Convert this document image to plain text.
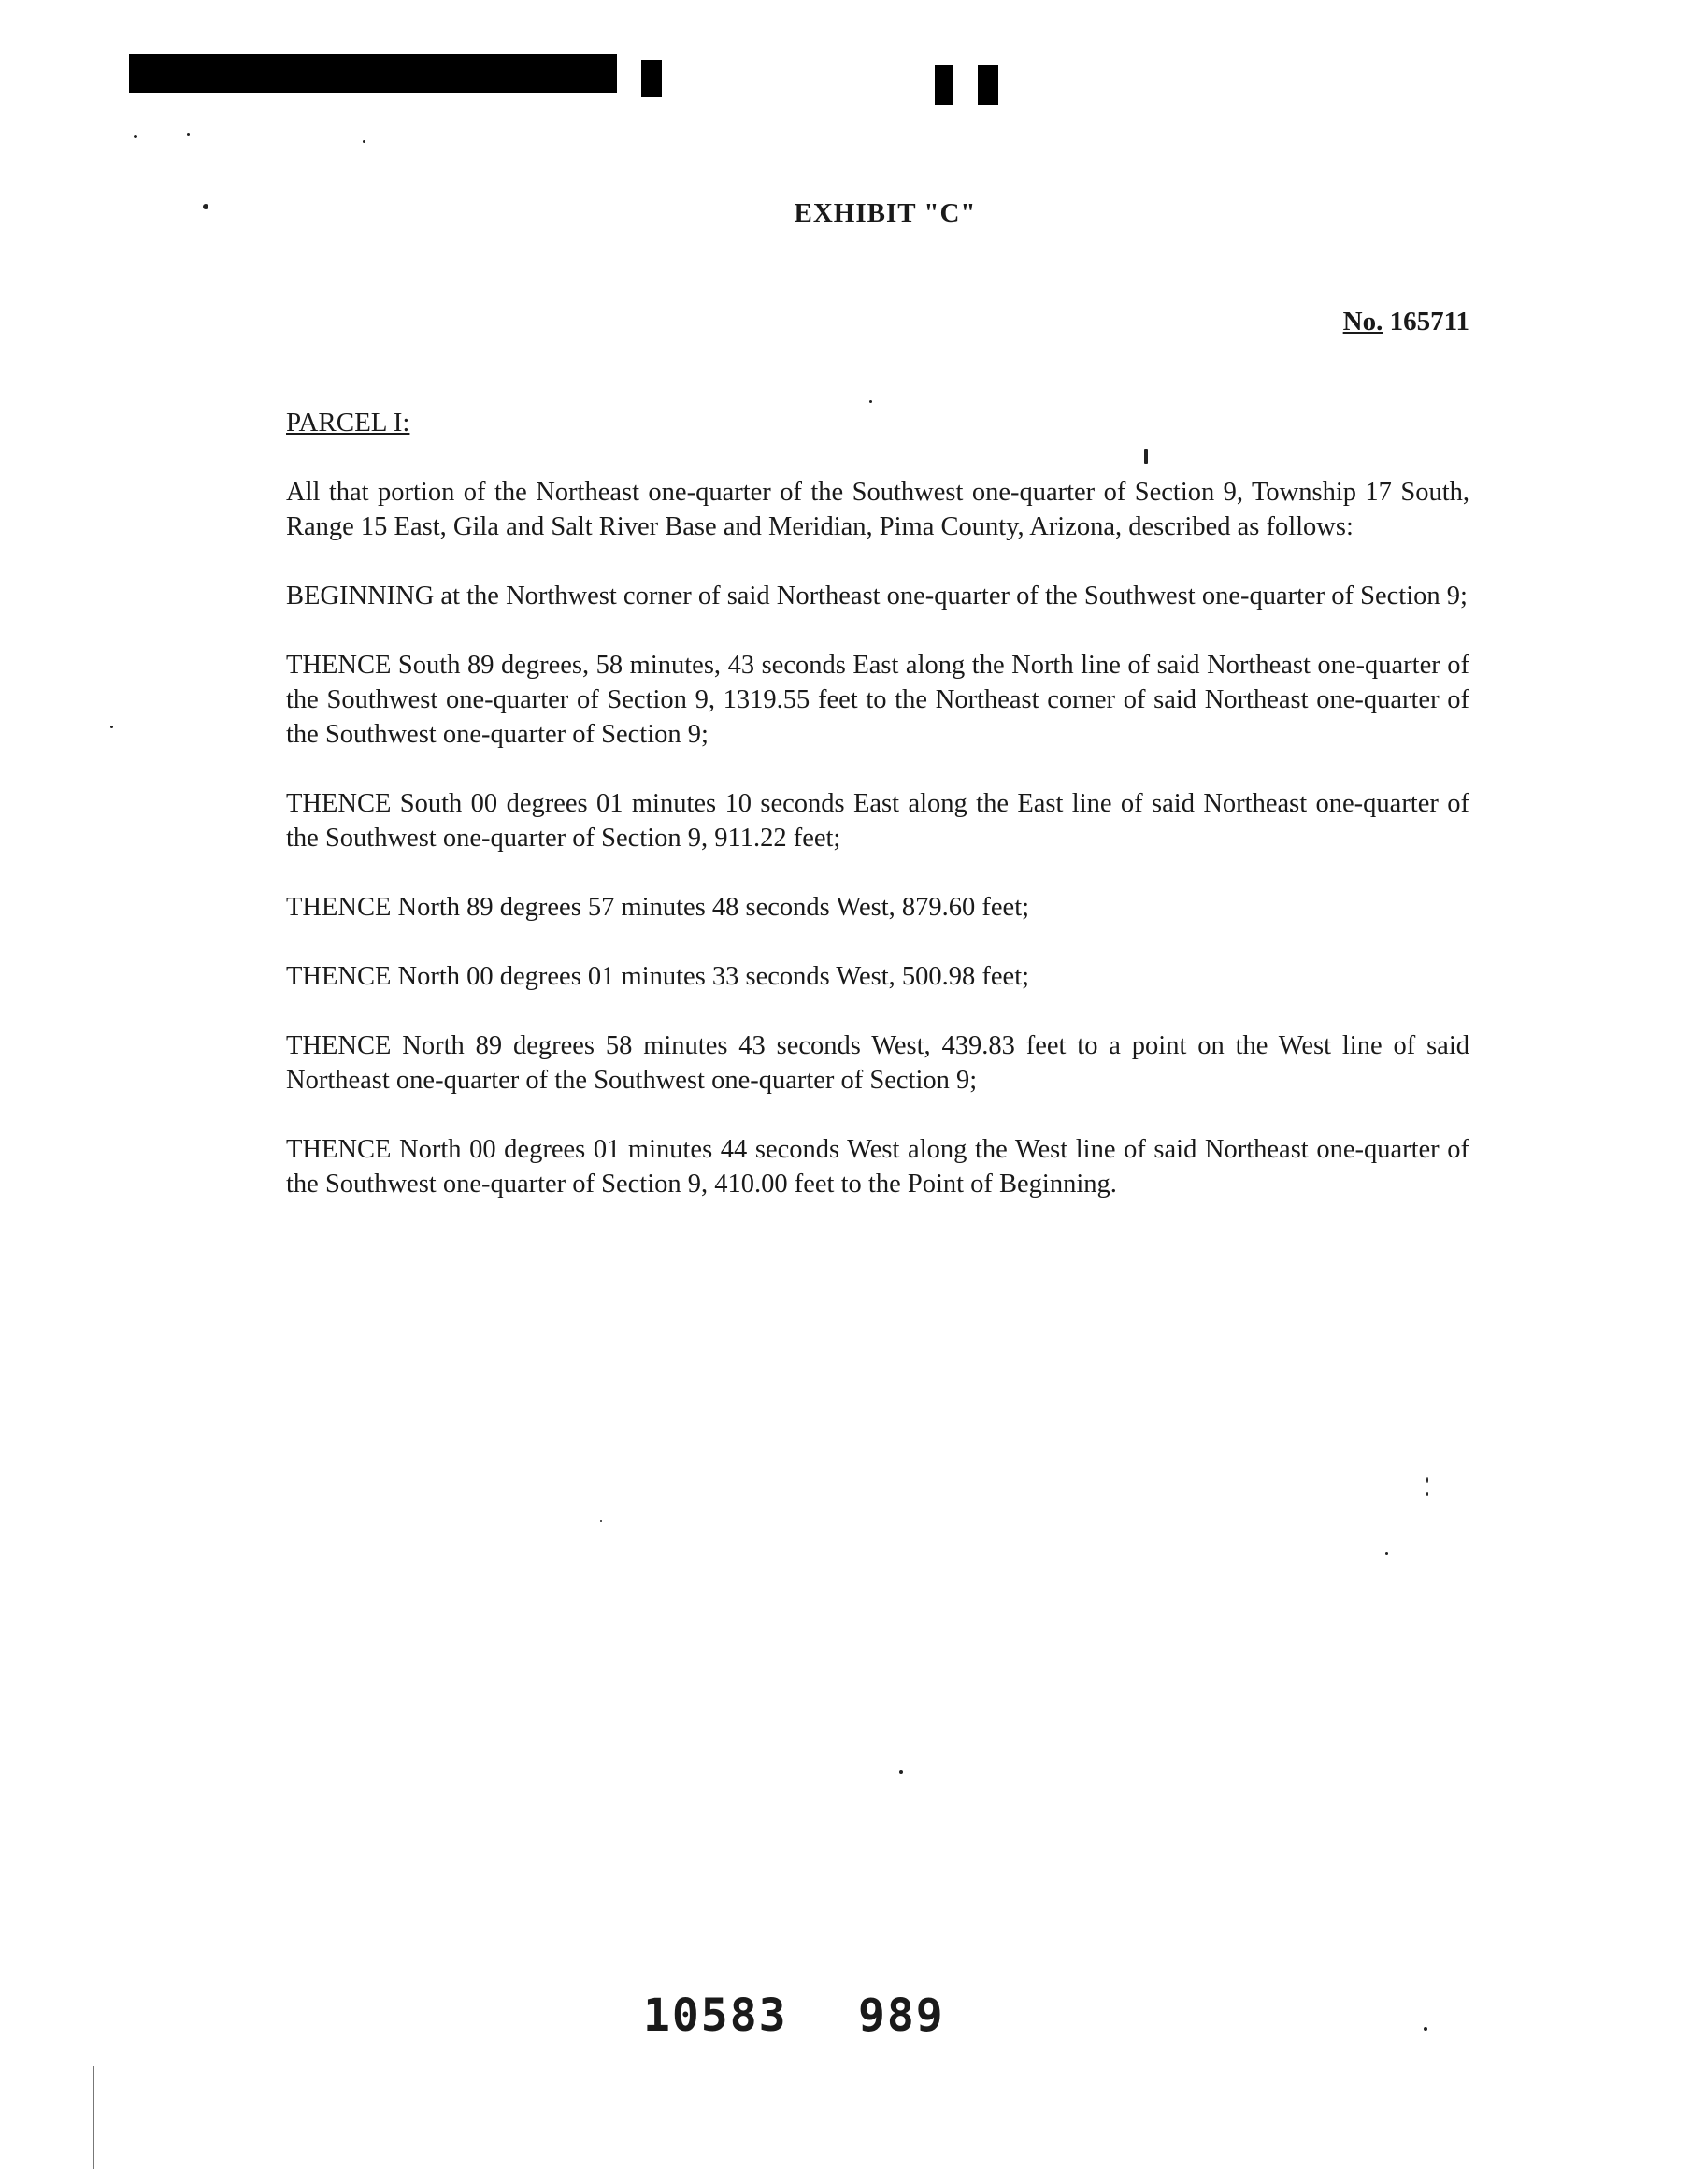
EXHIBIT "C"
No. 165711
PARCEL I:

All that portion of the Northeast one-quarter of the Southwest one-quarter of Section 9, Township 17 South, Range 15 East, Gila and Salt River Base and Meridian, Pima County, Arizona, described as follows:

BEGINNING at the Northwest corner of said Northeast one-quarter of the Southwest one-quarter of Section 9;

THENCE South 89 degrees, 58 minutes, 43 seconds East along the North line of said Northeast one-quarter of the Southwest one-quarter of Section 9, 1319.55 feet to the Northeast corner of said Northeast one-quarter of the Southwest one-quarter of Section 9;

THENCE South 00 degrees 01 minutes 10 seconds East along the East line of said Northeast one-quarter of the Southwest one-quarter of Section 9, 911.22 feet;

THENCE North 89 degrees 57 minutes 48 seconds West, 879.60 feet;

THENCE North 00 degrees 01 minutes 33 seconds West, 500.98 feet;

THENCE North 89 degrees 58 minutes 43 seconds West, 439.83 feet to a point on the West line of said Northeast one-quarter of the Southwest one-quarter of Section 9;

THENCE North 00 degrees 01 minutes 44 seconds West along the West line of said Northeast one-quarter of the Southwest one-quarter of Section 9, 410.00 feet to the Point of Beginning.

10583 989
